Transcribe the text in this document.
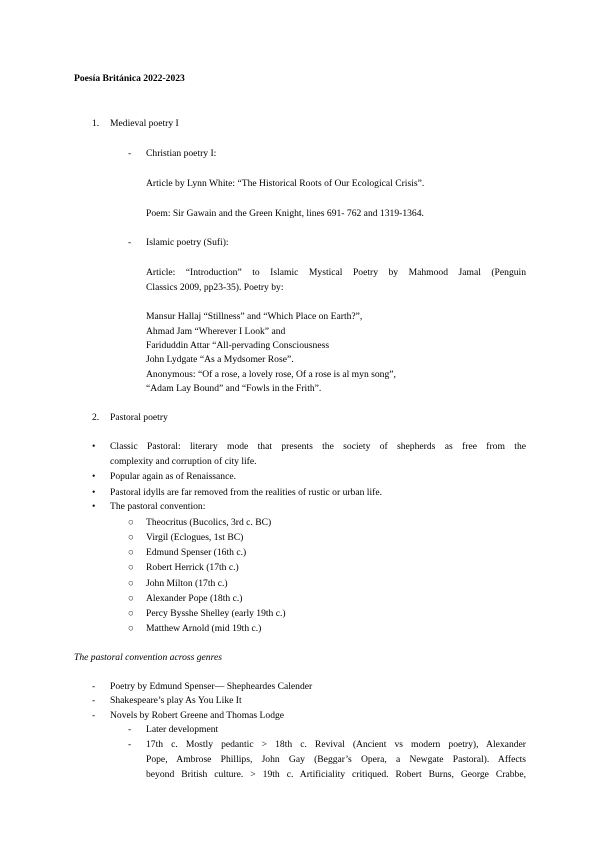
Poesía Británica 2022-2023
1. Medieval poetry I
- Christian poetry I:
Article by Lynn White: “The Historical Roots of Our Ecological Crisis”.
Poem: Sir Gawain and the Green Knight, lines 691- 762 and 1319-1364.
- Islamic poetry (Sufi):
Article: “Introduction” to Islamic Mystical Poetry by Mahmood Jamal (Penguin
Classics 2009, pp23-35). Poetry by:
Mansur Hallaj “Stillness” and “Which Place on Earth?”,
Ahmad Jam “Wherever I Look” and
Fariduddin Attar “All-pervading Consciousness
John Lydgate “As a Mydsomer Rose”.
Anonymous: “Of a rose, a lovely rose, Of a rose is al myn song”,
“Adam Lay Bound” and “Fowls in the Frith”.
2. Pastoral poetry
• Classic Pastoral: literary mode that presents the society of shepherds as free from the
complexity and corruption of city life.
• Popular again as of Renaissance.
• Pastoral idylls are far removed from the realities of rustic or urban life.
• The pastoral convention:
○ Theocritus (Bucolics, 3rd c. BC)
○ Virgil (Eclogues, 1st BC)
○ Edmund Spenser (16th c.)
○ Robert Herrick (17th c.)
○ John Milton (17th c.)
○ Alexander Pope (18th c.)
○ Percy Bysshe Shelley (early 19th c.)
○ Matthew Arnold (mid 19th c.)
The pastoral convention across genres
- Poetry by Edmund Spenser— Shepheardes Calender
- Shakespeare’s play As You Like It
- Novels by Robert Greene and Thomas Lodge
- Later development
- 17th c. Mostly pedantic > 18th c. Revival (Ancient vs modern poetry), Alexander
Pope, Ambrose Phillips, John Gay (Beggar’s Opera, a Newgate Pastoral). Affects
beyond British culture. > 19th c. Artificiality critiqued. Robert Burns, George Crabbe,
